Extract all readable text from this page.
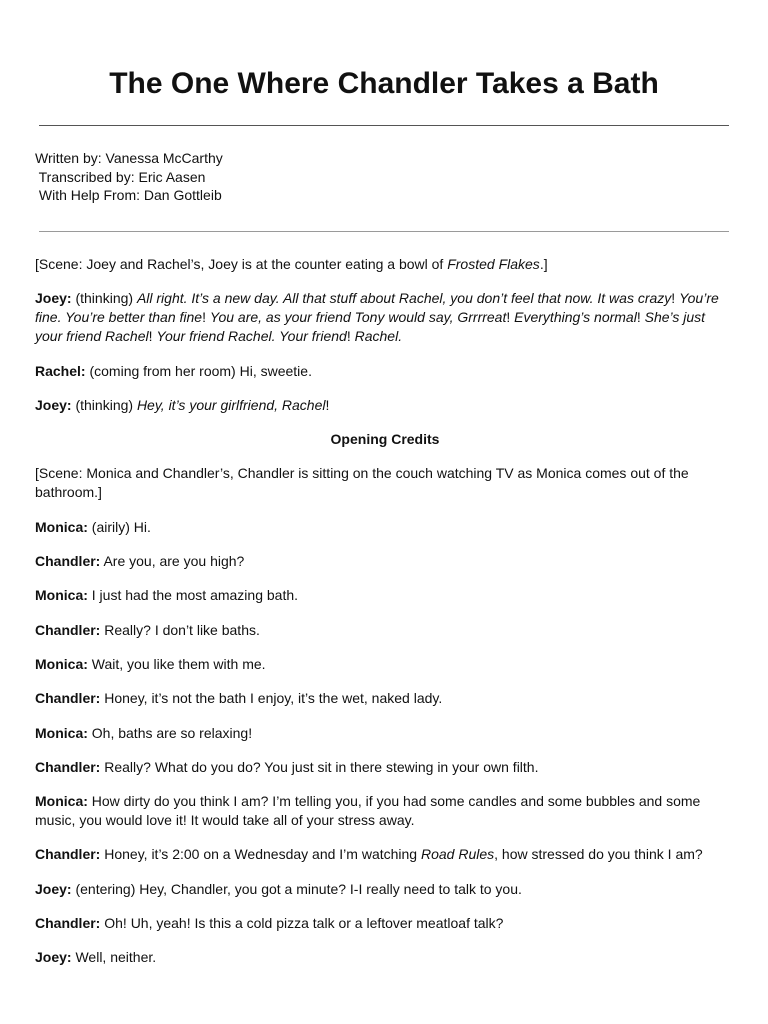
The One Where Chandler Takes a Bath
Written by: Vanessa McCarthy
Transcribed by: Eric Aasen
With Help From: Dan Gottleib

[Scene: Joey and Rachel’s, Joey is at the counter eating a bowl of Frosted Flakes.]

Joey: (thinking) All right. It’s a new day. All that stuff about Rachel, you don’t feel that now. It was crazy! You’re fine. You’re better than fine! You are, as your friend Tony would say, Grrrreat! Everything’s normal! She’s just your friend Rachel! Your friend Rachel. Your friend! Rachel.

Rachel: (coming from her room) Hi, sweetie.

Joey: (thinking) Hey, it’s your girlfriend, Rachel!

Opening Credits

[Scene: Monica and Chandler’s, Chandler is sitting on the couch watching TV as Monica comes out of the bathroom.]

Monica: (airily) Hi.

Chandler: Are you, are you high?

Monica: I just had the most amazing bath.

Chandler: Really? I don’t like baths.

Monica: Wait, you like them with me.

Chandler: Honey, it’s not the bath I enjoy, it’s the wet, naked lady.

Monica: Oh, baths are so relaxing!

Chandler: Really? What do you do? You just sit in there stewing in your own filth.

Monica: How dirty do you think I am? I’m telling you, if you had some candles and some bubbles and some music, you would love it! It would take all of your stress away.

Chandler: Honey, it’s 2:00 on a Wednesday and I’m watching Road Rules, how stressed do you think I am?

Joey: (entering) Hey, Chandler, you got a minute? I-I really need to talk to you.

Chandler: Oh! Uh, yeah! Is this a cold pizza talk or a leftover meatloaf talk?

Joey: Well, neither.
